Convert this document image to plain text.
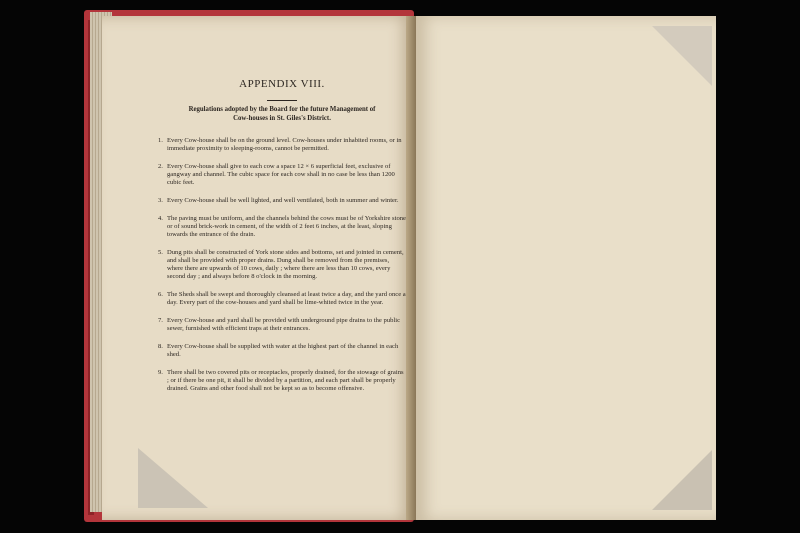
APPENDIX VIII.
Regulations adopted by the Board for the future Management of
Cow-houses in St. Giles's District.
1. Every Cow-house shall be on the ground level. Cow-houses under inhabited rooms, or in immediate proximity to sleeping-rooms, cannot be permitted.
2. Every Cow-house shall give to each cow a space 12 × 6 superficial feet, exclusive of gangway and channel. The cubic space for each cow shall in no case be less than 1200 cubic feet.
3. Every Cow-house shall be well lighted, and well ventilated, both in summer and winter.
4. The paving must be uniform, and the channels behind the cows must be of Yorkshire stone or of sound brick-work in cement, of the width of 2 feet 6 inches, at the least, sloping towards the entrance of the drain.
5. Dung pits shall be constructed of York stone sides and bottoms, set and jointed in cement, and shall be provided with proper drains. Dung shall be removed from the premises, where there are upwards of 10 cows, daily ; where there are less than 10 cows, every second day ; and always before 8 o'clock in the morning.
6. The Sheds shall be swept and thoroughly cleansed at least twice a day, and the yard once a day. Every part of the cow-houses and yard shall be lime-whited twice in the year.
7. Every Cow-house and yard shall be provided with underground pipe drains to the public sewer, furnished with efficient traps at their entrances.
8. Every Cow-house shall be supplied with water at the highest part of the channel in each shed.
9. There shall be two covered pits or receptacles, properly drained, for the stowage of grains ; or if there be one pit, it shall be divided by a partition, and each part shall be properly drained. Grains and other food shall not be kept so as to become offensive.
